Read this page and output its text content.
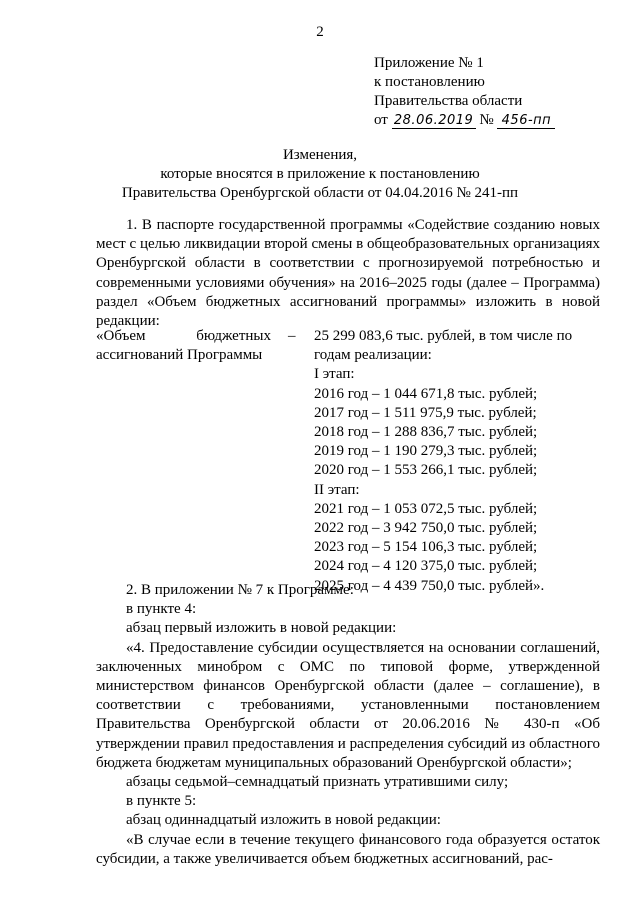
2
Приложение № 1
к постановлению
Правительства области
от 28.06.2019 № 456-пп
Изменения,
которые вносятся в приложение к постановлению
Правительства Оренбургской области от 04.04.2016 № 241-пп
1. В паспорте государственной программы «Содействие созданию новых мест с целью ликвидации второй смены в общеобразовательных организациях Оренбургской области в соответствии с прогнозируемой потребностью и современными условиями обучения» на 2016–2025 годы (далее – Программа) раздел «Объем бюджетных ассигнований программы» изложить в новой редакции:
«Объем бюджетных ассигнований Программы
– 25 299 083,6 тыс. рублей, в том числе по годам реализации:
I этап:
2016 год – 1 044 671,8 тыс. рублей;
2017 год – 1 511 975,9 тыс. рублей;
2018 год – 1 288 836,7 тыс. рублей;
2019 год – 1 190 279,3 тыс. рублей;
2020 год – 1 553 266,1 тыс. рублей;
II этап:
2021 год – 1 053 072,5 тыс. рублей;
2022 год – 3 942 750,0 тыс. рублей;
2023 год – 5 154 106,3 тыс. рублей;
2024 год – 4 120 375,0 тыс. рублей;
2025 год – 4 439 750,0 тыс. рублей».
2. В приложении № 7 к Программе:
в пункте 4:
абзац первый изложить в новой редакции:
«4. Предоставление субсидии осуществляется на основании соглашений, заключенных минобром с ОМС по типовой форме, утвержденной министерством финансов Оренбургской области (далее – соглашение), в соответствии с требованиями, установленными постановлением Правительства Оренбургской области от 20.06.2016 № 430-п «Об утверждении правил предоставления и распределения субсидий из областного бюджета бюджетам муниципальных образований Оренбургской области»;
абзацы седьмой–семнадцатый признать утратившими силу;
в пункте 5:
абзац одиннадцатый изложить в новой редакции:
«В случае если в течение текущего финансового года образуется остаток субсидии, а также увеличивается объем бюджетных ассигнований, рас-
